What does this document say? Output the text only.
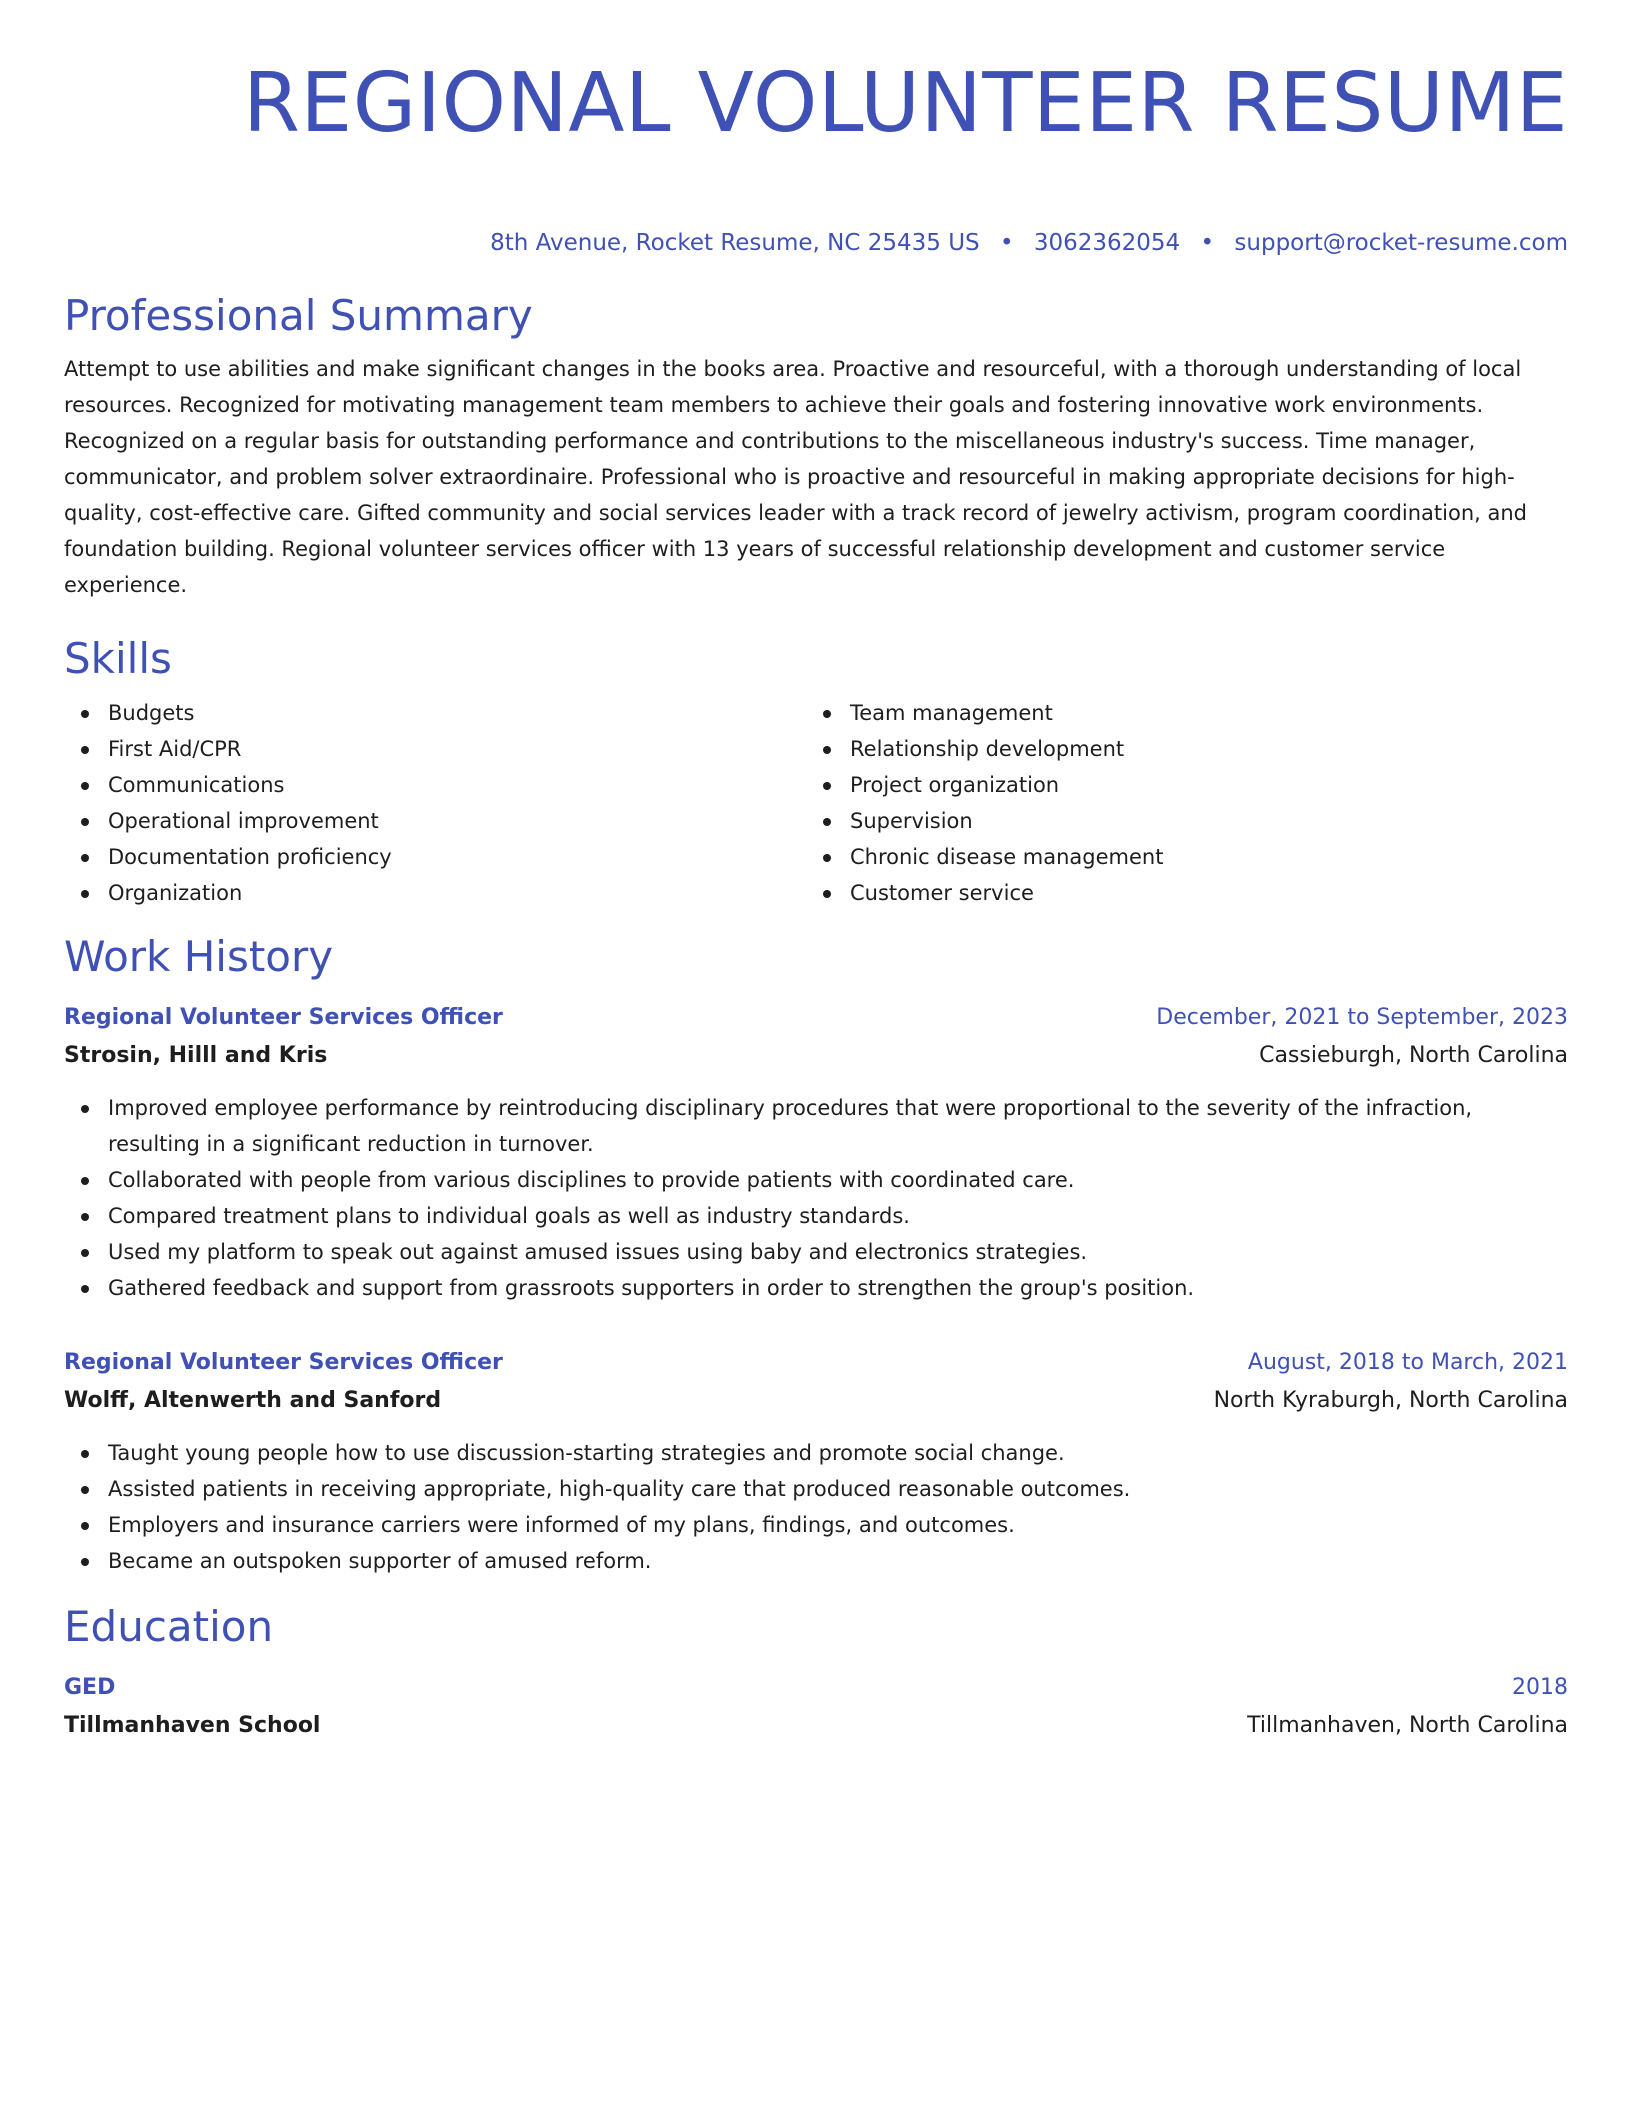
REGIONAL VOLUNTEER RESUME
8th Avenue, Rocket Resume, NC 25435 US • 3062362054 • support@rocket-resume.com
Professional Summary
Attempt to use abilities and make significant changes in the books area. Proactive and resourceful, with a thorough understanding of local resources. Recognized for motivating management team members to achieve their goals and fostering innovative work environments. Recognized on a regular basis for outstanding performance and contributions to the miscellaneous industry's success. Time manager, communicator, and problem solver extraordinaire. Professional who is proactive and resourceful in making appropriate decisions for high-quality, cost-effective care. Gifted community and social services leader with a track record of jewelry activism, program coordination, and foundation building. Regional volunteer services officer with 13 years of successful relationship development and customer service experience.
Skills
Budgets
First Aid/CPR
Communications
Operational improvement
Documentation proficiency
Organization
Team management
Relationship development
Project organization
Supervision
Chronic disease management
Customer service
Work History
Regional Volunteer Services Officer	December, 2021 to September, 2023
Strosin, Hilll and Kris	Cassieburgh, North Carolina
Improved employee performance by reintroducing disciplinary procedures that were proportional to the severity of the infraction, resulting in a significant reduction in turnover.
Collaborated with people from various disciplines to provide patients with coordinated care.
Compared treatment plans to individual goals as well as industry standards.
Used my platform to speak out against amused issues using baby and electronics strategies.
Gathered feedback and support from grassroots supporters in order to strengthen the group's position.
Regional Volunteer Services Officer	August, 2018 to March, 2021
Wolff, Altenwerth and Sanford	North Kyraburgh, North Carolina
Taught young people how to use discussion-starting strategies and promote social change.
Assisted patients in receiving appropriate, high-quality care that produced reasonable outcomes.
Employers and insurance carriers were informed of my plans, findings, and outcomes.
Became an outspoken supporter of amused reform.
Education
GED	2018
Tillmanhaven School	Tillmanhaven, North Carolina
